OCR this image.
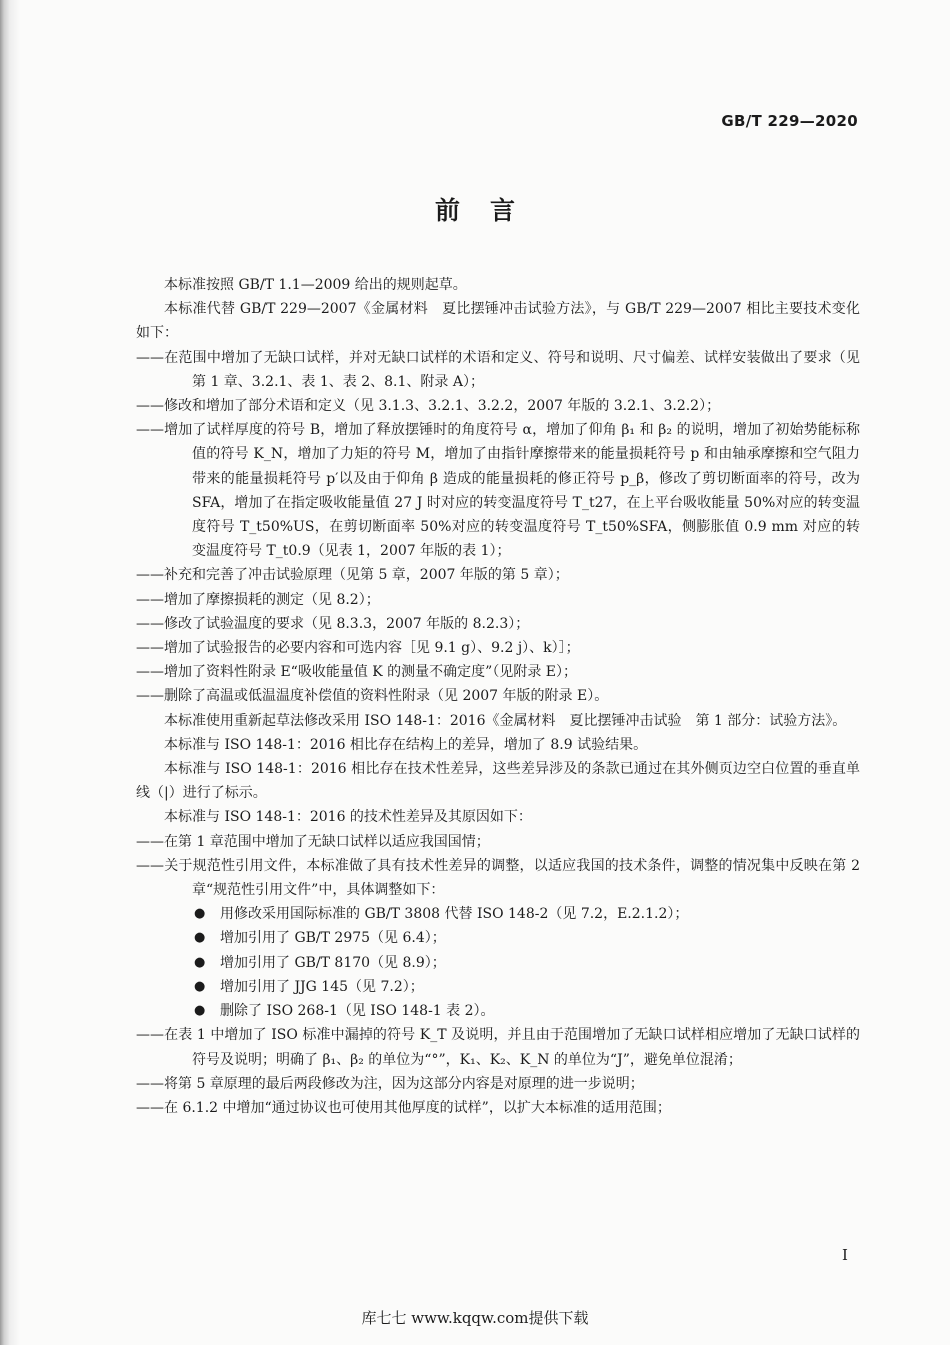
GB/T 229—2020
前言

本标准按照 GB/T 1.1—2009 给出的规则起草。

本标准代替 GB/T 229—2007《金属材料　夏比摆锤冲击试验方法》，与 GB/T 229—2007 相比主要技术变化如下：

——在范围中增加了无缺口试样，并对无缺口试样的术语和定义、符号和说明、尺寸偏差、试样安装做出了要求（见第 1 章、3.2.1、表 1、表 2、8.1、附录 A）；

——修改和增加了部分术语和定义（见 3.1.3、3.2.1、3.2.2，2007 年版的 3.2.1、3.2.2）；

——增加了试样厚度的符号 B，增加了释放摆锤时的角度符号 α，增加了仰角 β₁ 和 β₂ 的说明，增加了初始势能标称值的符号 K_N，增加了力矩的符号 M，增加了由指针摩擦带来的能量损耗符号 p 和由轴承摩擦和空气阻力带来的能量损耗符号 p′以及由于仰角 β 造成的能量损耗的修正符号 p_β，修改了剪切断面率的符号，改为 SFA，增加了在指定吸收能量值 27 J 时对应的转变温度符号 T_t27，在上平台吸收能量 50%对应的转变温度符号 T_t50%US，在剪切断面率 50%对应的转变温度符号 T_t50%SFA，侧膨胀值 0.9 mm 对应的转变温度符号 T_t0.9（见表 1，2007 年版的表 1）；

——补充和完善了冲击试验原理（见第 5 章，2007 年版的第 5 章）；

——增加了摩擦损耗的测定（见 8.2）；

——修改了试验温度的要求（见 8.3.3，2007 年版的 8.2.3）；

——增加了试验报告的必要内容和可选内容［见 9.1 g）、9.2 j）、k）］；

——增加了资料性附录 E“吸收能量值 K 的测量不确定度”（见附录 E）；

——删除了高温或低温温度补偿值的资料性附录（见 2007 年版的附录 E）。

本标准使用重新起草法修改采用 ISO 148-1：2016《金属材料　夏比摆锤冲击试验　第 1 部分：试验方法》。

本标准与 ISO 148-1：2016 相比存在结构上的差异，增加了 8.9 试验结果。

本标准与 ISO 148-1：2016 相比存在技术性差异，这些差异涉及的条款已通过在其外侧页边空白位置的垂直单线（|）进行了标示。

本标准与 ISO 148-1：2016 的技术性差异及其原因如下：

——在第 1 章范围中增加了无缺口试样以适应我国国情；

——关于规范性引用文件，本标准做了具有技术性差异的调整，以适应我国的技术条件，调整的情况集中反映在第 2 章“规范性引用文件”中，具体调整如下：

● 用修改采用国际标准的 GB/T 3808 代替 ISO 148-2（见 7.2，E.2.1.2）；

● 增加引用了 GB/T 2975（见 6.4）；

● 增加引用了 GB/T 8170（见 8.9）；

● 增加引用了 JJG 145（见 7.2）；

● 删除了 ISO 268-1（见 ISO 148-1 表 2）。

——在表 1 中增加了 ISO 标准中漏掉的符号 K_T 及说明，并且由于范围增加了无缺口试样相应增加了无缺口试样的符号及说明；明确了 β₁、β₂ 的单位为“°”，K₁、K₂、K_N 的单位为“J”，避免单位混淆；

——将第 5 章原理的最后两段修改为注，因为这部分内容是对原理的进一步说明；

——在 6.1.2 中增加“通过协议也可使用其他厚度的试样”，以扩大本标准的适用范围；

I
库七七 www.kqqw.com提供下载
